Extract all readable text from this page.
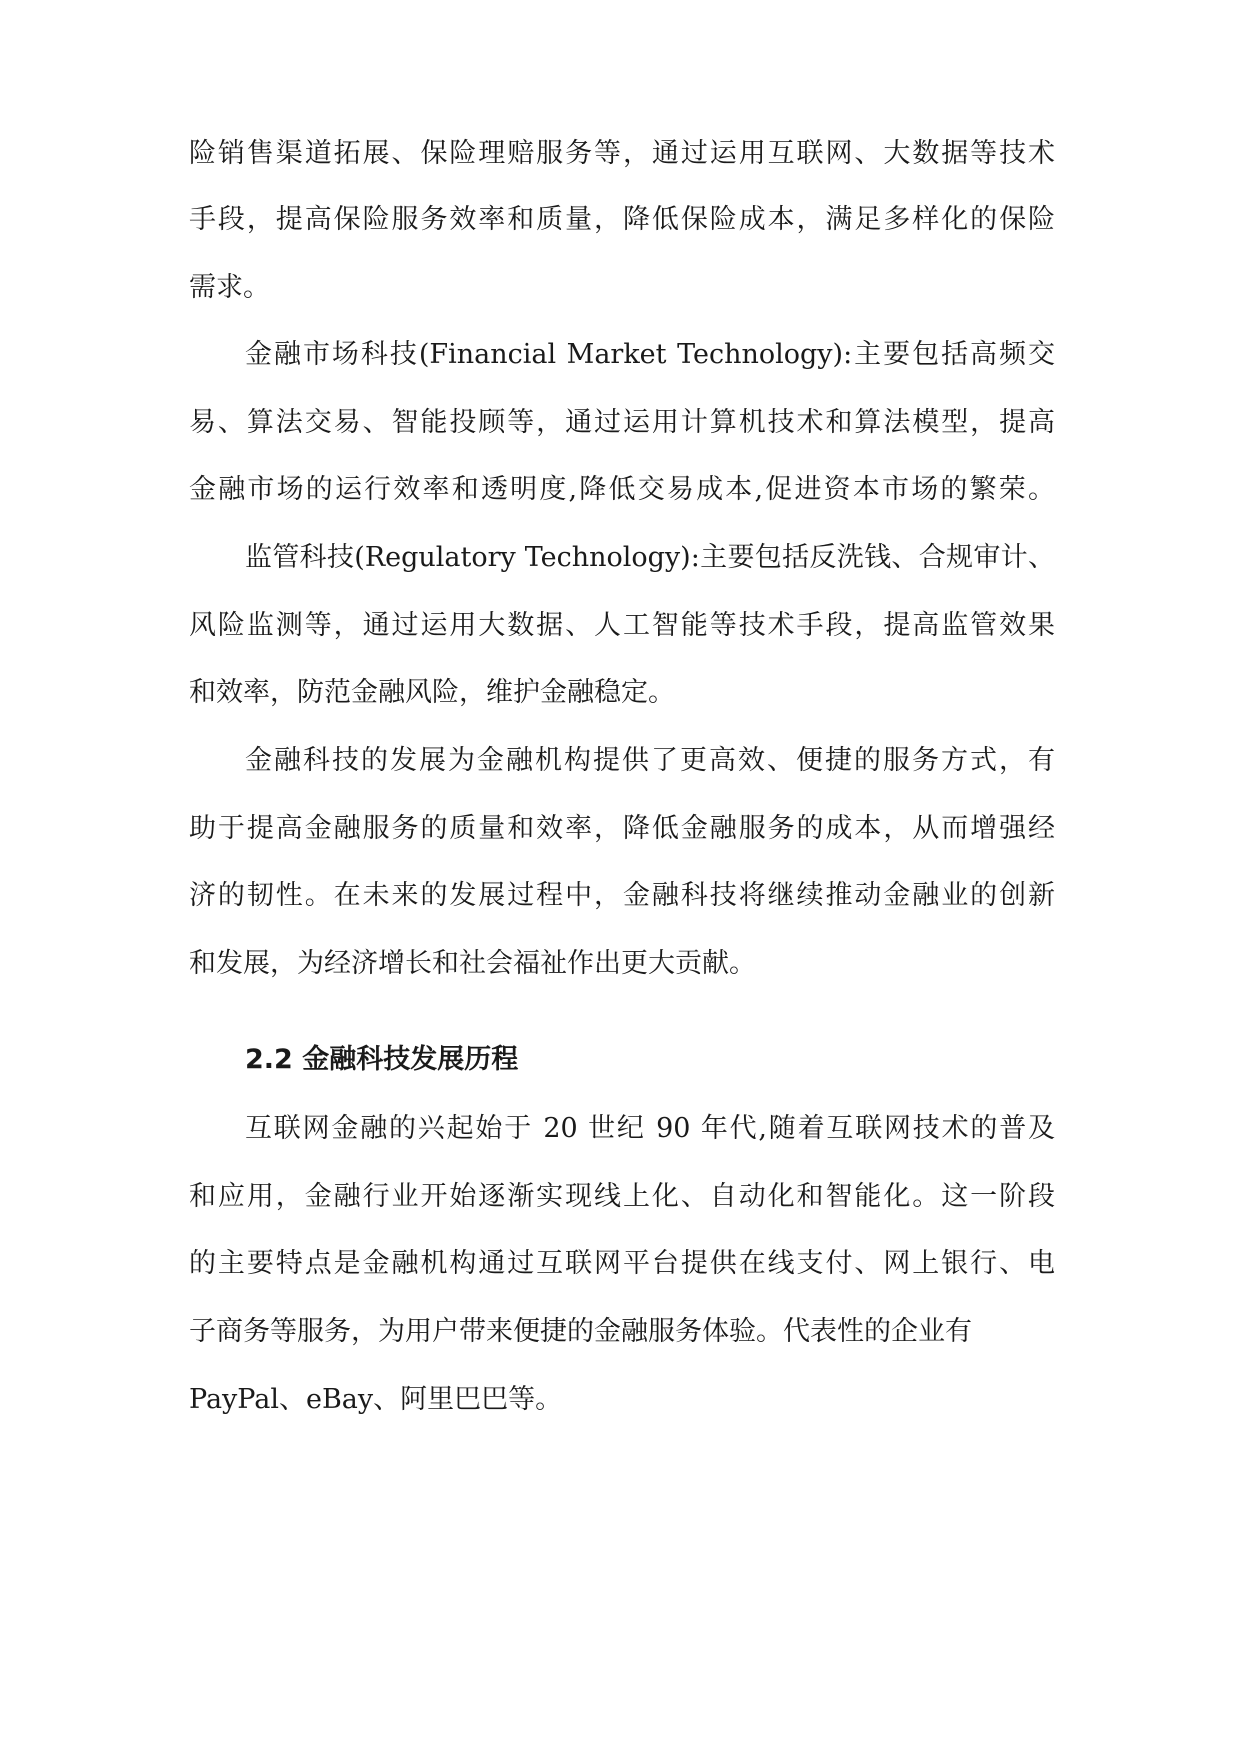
险销售渠道拓展、保险理赔服务等，通过运用互联网、大数据等技术
手段，提高保险服务效率和质量，降低保险成本，满足多样化的保险
需求。
金融市场科技(Financial Market Technology):主要包括高频交
易、算法交易、智能投顾等，通过运用计算机技术和算法模型，提高
金融市场的运行效率和透明度,降低交易成本,促进资本市场的繁荣。
监管科技(Regulatory Technology):主要包括反洗钱、合规审计、
风险监测等，通过运用大数据、人工智能等技术手段，提高监管效果
和效率，防范金融风险，维护金融稳定。
金融科技的发展为金融机构提供了更高效、便捷的服务方式，有
助于提高金融服务的质量和效率，降低金融服务的成本，从而增强经
济的韧性。在未来的发展过程中，金融科技将继续推动金融业的创新
和发展，为经济增长和社会福祉作出更大贡献。
2.2 金融科技发展历程
互联网金融的兴起始于 20 世纪 90 年代,随着互联网技术的普及
和应用，金融行业开始逐渐实现线上化、自动化和智能化。这一阶段
的主要特点是金融机构通过互联网平台提供在线支付、网上银行、电
子商务等服务，为用户带来便捷的金融服务体验。代表性的企业有
PayPal、eBay、阿里巴巴等。
